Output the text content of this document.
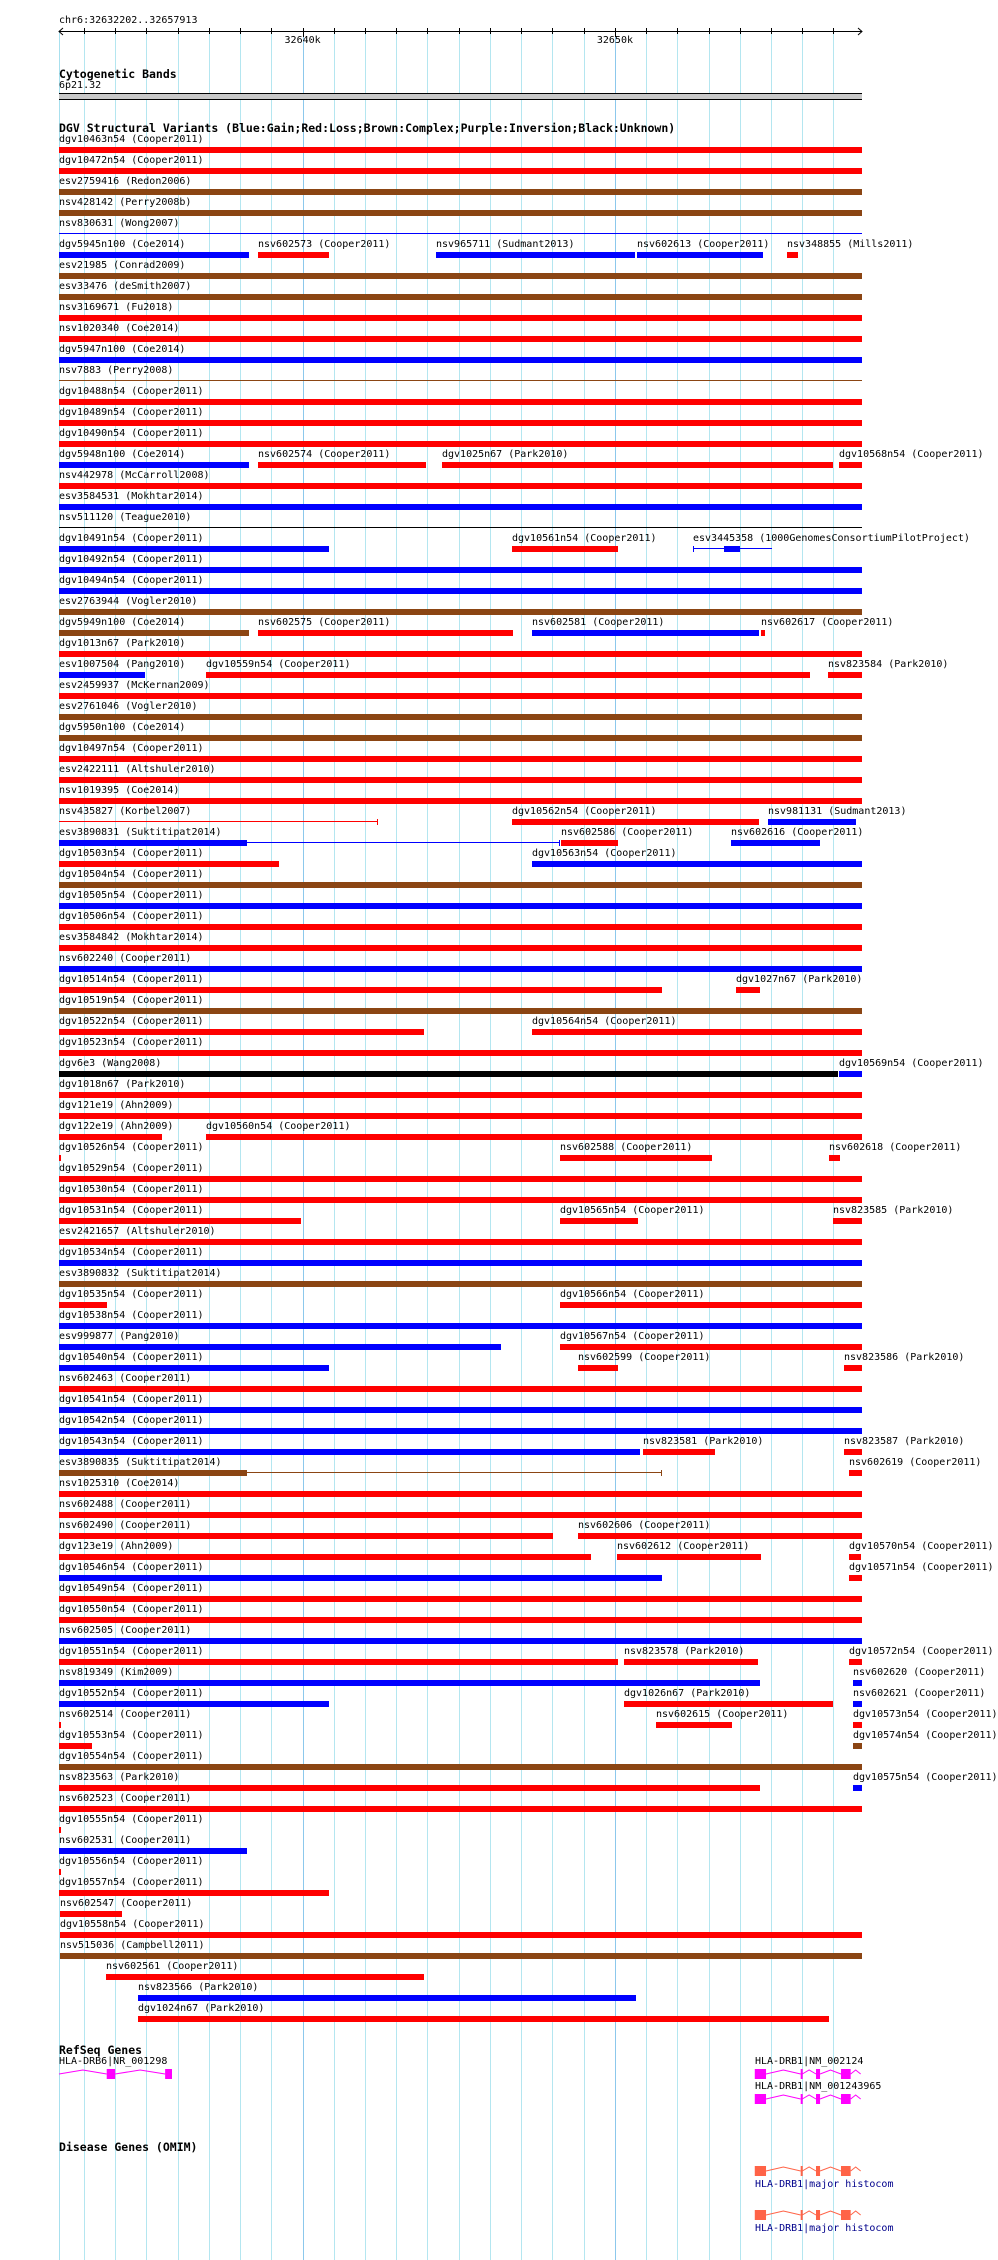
chr6:32632202..32657913
Cytogenetic Bands
6p21.32
DGV Structural Variants (Blue:Gain;Red:Loss;Brown:Complex;Purple:Inversion;Black:Unknown)
dgv10463n54 (Cooper2011)
dgv10472n54 (Cooper2011)
esv2759416 (Redon2006)
nsv428142 (Perry2008b)
nsv830631 (Wong2007)
dgv5945n100 (Coe2014)	nsv602573 (Cooper2011)	nsv965711 (Sudmant2013)	nsv602613 (Cooper2011) nsv348855 (Mills2011)
esv21985 (Conrad2009)
esv33476 (deSmith2007)
nsv3169671 (Fu2018)
nsv1020340 (Coe2014)
dgv5947n100 (Coe2014)
nsv7883 (Perry2008)
dgv10488n54 (Cooper2011)
dgv10489n54 (Cooper2011)
dgv10490n54 (Cooper2011)
dgv5948n100 (Coe2014)	nsv602574 (Cooper2011)	dgv1025n67 (Park2010)	dgv10568n54 (Cooper2011)
nsv442978 (McCarroll2008)
esv3584531 (Mokhtar2014)
nsv511120 (Teague2010)
dgv10491n54 (Cooper2011)	dgv10561n54 (Cooper2011)	esv3445358 (1000GenomesConsortiumPilotProject)
dgv10492n54 (Cooper2011)
dgv10494n54 (Cooper2011)
esv2763944 (Vogler2010)
dgv5949n100 (Coe2014)	nsv602575 (Cooper2011)	nsv602581 (Cooper2011)	nsv602617 (Cooper2011)
dgv1013n67 (Park2010)
esv1007504 (Pang2010) dgv10559n54 (Cooper2011)	nsv823584 (Park2010)
esv2459937 (McKernan2009)
esv2761046 (Vogler2010)
dgv5950n100 (Coe2014)
dgv10497n54 (Cooper2011)
esv2422111 (Altshuler2010)
nsv1019395 (Coe2014)
nsv435827 (Korbel2007)	dgv10562n54 (Cooper2011)	nsv981131 (Sudmant2013)
esv3890831 (Suktitipat2014)	nsv602586 (Cooper2011)	nsv602616 (Cooper2011)
dgv10503n54 (Cooper2011)	dgv10563n54 (Cooper2011)
dgv10504n54 (Cooper2011)
dgv10505n54 (Cooper2011)
dgv10506n54 (Cooper2011)
esv3584842 (Mokhtar2014)
nsv602240 (Cooper2011)
dgv10514n54 (Cooper2011)	dgv1027n67 (Park2010)
dgv10519n54 (Cooper2011)
dgv10522n54 (Cooper2011)	dgv10564n54 (Cooper2011)
dgv10523n54 (Cooper2011)
dgv6e3 (Wang2008)	dgv10569n54 (Cooper2011)
dgv1018n67 (Park2010)
dgv121e19 (Ahn2009)
dgv122e19 (Ahn2009)	dgv10560n54 (Cooper2011)
dgv10526n54 (Cooper2011)	nsv602588 (Cooper2011)	nsv602618 (Cooper2011)
dgv10529n54 (Cooper2011)
dgv10530n54 (Cooper2011)
dgv10531n54 (Cooper2011)	dgv10565n54 (Cooper2011)	nsv823585 (Park2010)
esv2421657 (Altshuler2010)
dgv10534n54 (Cooper2011)
esv3890832 (Suktitipat2014)
dgv10535n54 (Cooper2011)	dgv10566n54 (Cooper2011)
dgv10538n54 (Cooper2011)
esv999877 (Pang2010)	dgv10567n54 (Cooper2011)
dgv10540n54 (Cooper2011)	nsv602599 (Cooper2011)	nsv823586 (Park2010)
nsv602463 (Cooper2011)
dgv10541n54 (Cooper2011)
dgv10542n54 (Cooper2011)
dgv10543n54 (Cooper2011)	nsv823581 (Park2010)	nsv823587 (Park2010)
esv3890835 (Suktitipat2014)	nsv602619 (Cooper2011)
nsv1025310 (Coe2014)
nsv602488 (Cooper2011)
nsv602490 (Cooper2011)	nsv602606 (Cooper2011)
dgv123e19 (Ahn2009)	nsv602612 (Cooper2011)	dgv10570n54 (Cooper2011)
dgv10546n54 (Cooper2011)	dgv10571n54 (Cooper2011)
dgv10549n54 (Cooper2011)
dgv10550n54 (Cooper2011)
nsv602505 (Cooper2011)
dgv10551n54 (Cooper2011)	nsv823578 (Park2010)	dgv10572n54 (Cooper2011)
nsv819349 (Kim2009)	nsv602620 (Cooper2011)
dgv10552n54 (Cooper2011)	dgv1026n67 (Park2010)	nsv602621 (Cooper2011)
nsv602514 (Cooper2011)	nsv602615 (Cooper2011)	dgv10573n54 (Cooper2011)
dgv10553n54 (Cooper2011)	dgv10574n54 (Cooper2011)
dgv10554n54 (Cooper2011)
nsv823563 (Park2010)	dgv10575n54 (Cooper2011)
nsv602523 (Cooper2011)
dgv10555n54 (Cooper2011)
nsv602531 (Cooper2011)
dgv10556n54 (Cooper2011)
dgv10557n54 (Cooper2011)
nsv602547 (Cooper2011)
dgv10558n54 (Cooper2011)
nsv515036 (Campbell2011)
nsv602561 (Cooper2011)
nsv823566 (Park2010)
dgv1024n67 (Park2010)
RefSeq Genes
Disease Genes (OMIM)
HLA-DRB6|NR_001298	HLA-DRB1|NM_002124
HLA-DRB1|NM_001243965
HLA-DRB1|major histocom
HLA-DRB1|major histocom
32640k	32650k
